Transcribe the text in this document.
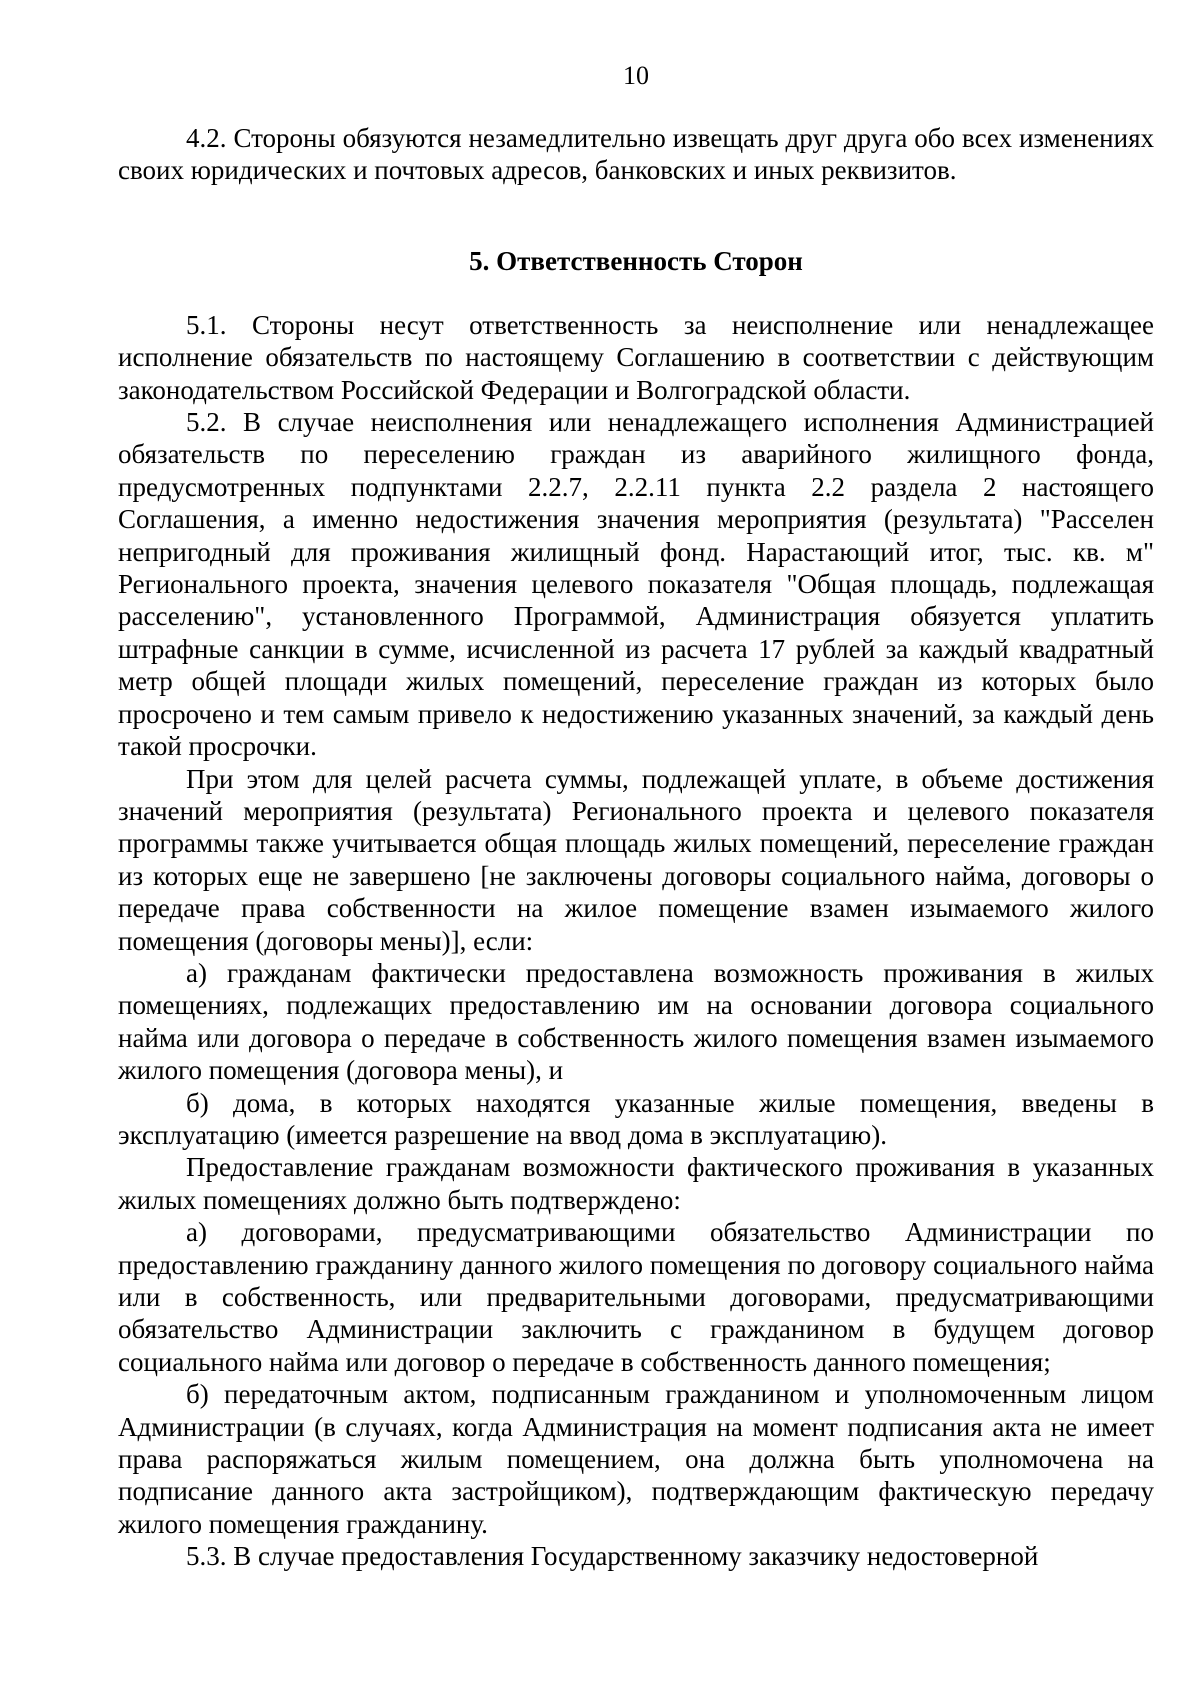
10

4.2. Стороны обязуются незамедлительно извещать друг друга обо всех изменениях своих юридических и почтовых адресов, банковских и иных реквизитов.

5. Ответственность Сторон

5.1. Стороны несут ответственность за неисполнение или ненадлежащее исполнение обязательств по настоящему Соглашению в соответствии с действующим законодательством Российской Федерации и Волгоградской области.

5.2. В случае неисполнения или ненадлежащего исполнения Администрацией обязательств по переселению граждан из аварийного жилищного фонда, предусмотренных подпунктами 2.2.7, 2.2.11 пункта 2.2 раздела 2 настоящего Соглашения, а именно недостижения значения мероприятия (результата) "Расселен непригодный для проживания жилищный фонд. Нарастающий итог, тыс. кв. м" Регионального проекта, значения целевого показателя "Общая площадь, подлежащая расселению", установленного Программой, Администрация обязуется уплатить штрафные санкции в сумме, исчисленной из расчета 17 рублей за каждый квадратный метр общей площади жилых помещений, переселение граждан из которых было просрочено и тем самым привело к недостижению указанных значений, за каждый день такой просрочки.

При этом для целей расчета суммы, подлежащей уплате, в объеме достижения значений мероприятия (результата) Регионального проекта и целевого показателя программы также учитывается общая площадь жилых помещений, переселение граждан из которых еще не завершено [не заключены договоры социального найма, договоры о передаче права собственности на жилое помещение взамен изымаемого жилого помещения (договоры мены)], если:

а) гражданам фактически предоставлена возможность проживания в жилых помещениях, подлежащих предоставлению им на основании договора социального найма или договора о передаче в собственность жилого помещения взамен изымаемого жилого помещения (договора мены), и

б) дома, в которых находятся указанные жилые помещения, введены в эксплуатацию (имеется разрешение на ввод дома в эксплуатацию).

Предоставление гражданам возможности фактического проживания в указанных жилых помещениях должно быть подтверждено:

а) договорами, предусматривающими обязательство Администрации по предоставлению гражданину данного жилого помещения по договору социального найма или в собственность, или предварительными договорами, предусматривающими обязательство Администрации заключить с гражданином в будущем договор социального найма или договор о передаче в собственность данного помещения;

б) передаточным актом, подписанным гражданином и уполномоченным лицом Администрации (в случаях, когда Администрация на момент подписания акта не имеет права распоряжаться жилым помещением, она должна быть уполномочена на подписание данного акта застройщиком), подтверждающим фактическую передачу жилого помещения гражданину.

5.3. В случае предоставления Государственному заказчику недостоверной
